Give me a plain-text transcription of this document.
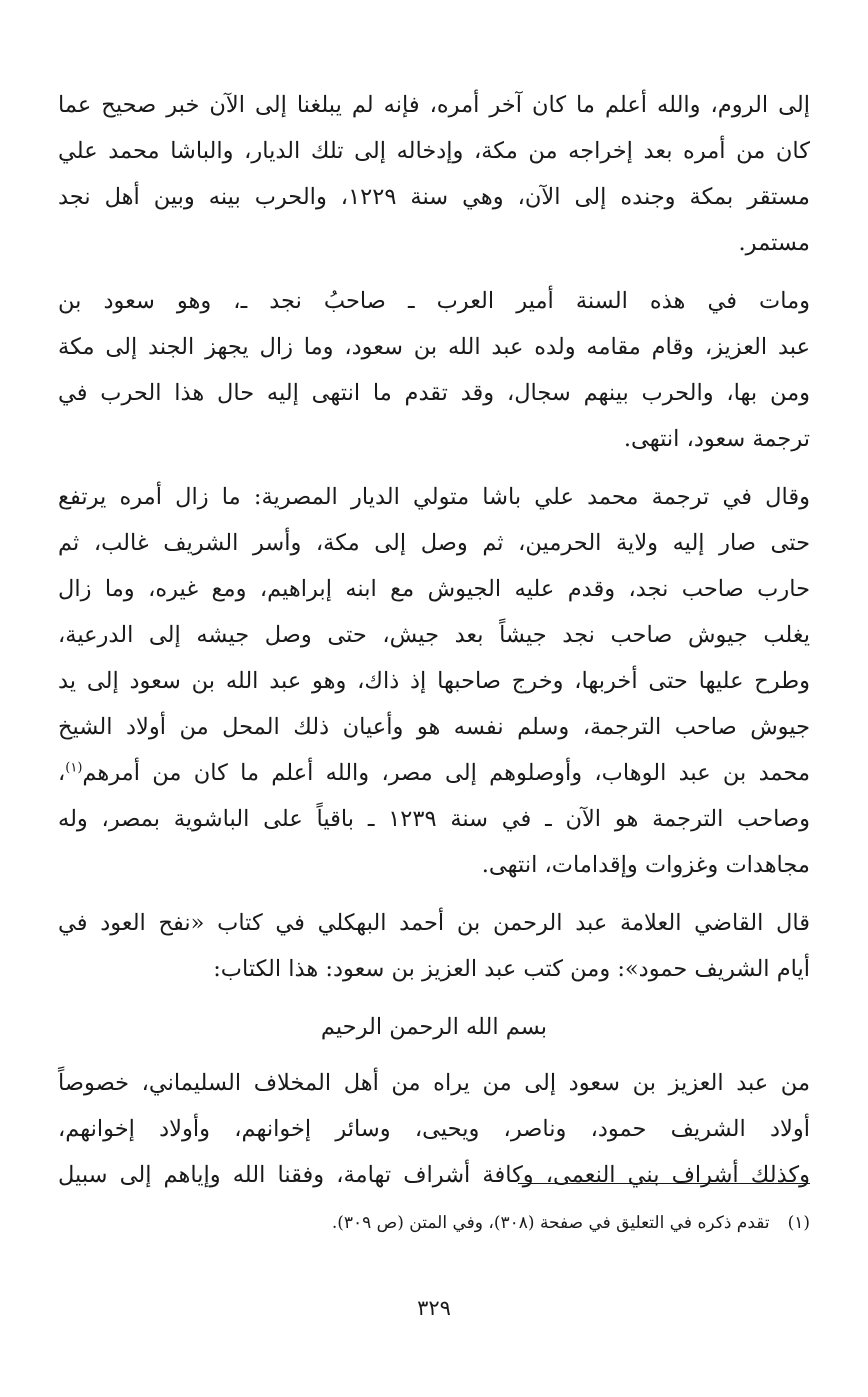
إلى الروم، والله أعلم ما كان آخر أمره، فإنه لم يبلغنا إلى الآن خبر صحيح عما
كان من أمره بعد إخراجه من مكة، وإدخاله إلى تلك الديار، والباشا محمد علي
مستقر بمكة وجنده إلى الآن، وهي سنة ١٢٢٩، والحرب بينه وبين أهل نجد
مستمر.

ومات في هذه السنة أمير العرب ـ صاحبُ نجد ـ، وهو سعود بن
عبد العزيز، وقام مقامه ولده عبد الله بن سعود، وما زال يجهز الجند إلى مكة
ومن بها، والحرب بينهم سجال، وقد تقدم ما انتهى إليه حال هذا الحرب في
ترجمة سعود، انتهى.

وقال في ترجمة محمد علي باشا متولي الديار المصرية: ما زال أمره يرتفع
حتى صار إليه ولاية الحرمين، ثم وصل إلى مكة، وأسر الشريف غالب، ثم
حارب صاحب نجد، وقدم عليه الجيوش مع ابنه إبراهيم، ومع غيره، وما زال
يغلب جيوش صاحب نجد جيشاً بعد جيش، حتى وصل جيشه إلى الدرعية،
وطرح عليها حتى أخربها، وخرج صاحبها إذ ذاك، وهو عبد الله بن سعود إلى يد
جيوش صاحب الترجمة، وسلم نفسه هو وأعيان ذلك المحل من أولاد الشيخ
محمد بن عبد الوهاب، وأوصلوهم إلى مصر، والله أعلم ما كان من أمرهم$^{(١)}$،
وصاحب الترجمة هو الآن ـ في سنة ١٢٣٩ ـ باقياً على الباشوية بمصر، وله
مجاهدات وغزوات وإقدامات، انتهى.

قال القاضي العلامة عبد الرحمن بن أحمد البهكلي في كتاب «نفح العود في
أيام الشريف حمود»: ومن كتب عبد العزيز بن سعود: هذا الكتاب:

بسم الله الرحمن الرحيم

من عبد العزيز بن سعود إلى من يراه من أهل المخلاف السليماني، خصوصاً
أولاد الشريف حمود، وناصر، ويحيى، وسائر إخوانهم، وأولاد إخوانهم،
وكذلك أشراف بني النعمى، وكافة أشراف تهامة، وفقنا الله وإياهم إلى سبيل

(١)تقدم ذكره في التعليق في صفحة (٣٠٨)، وفي المتن (ص ٣٠٩).
٣٢٩
